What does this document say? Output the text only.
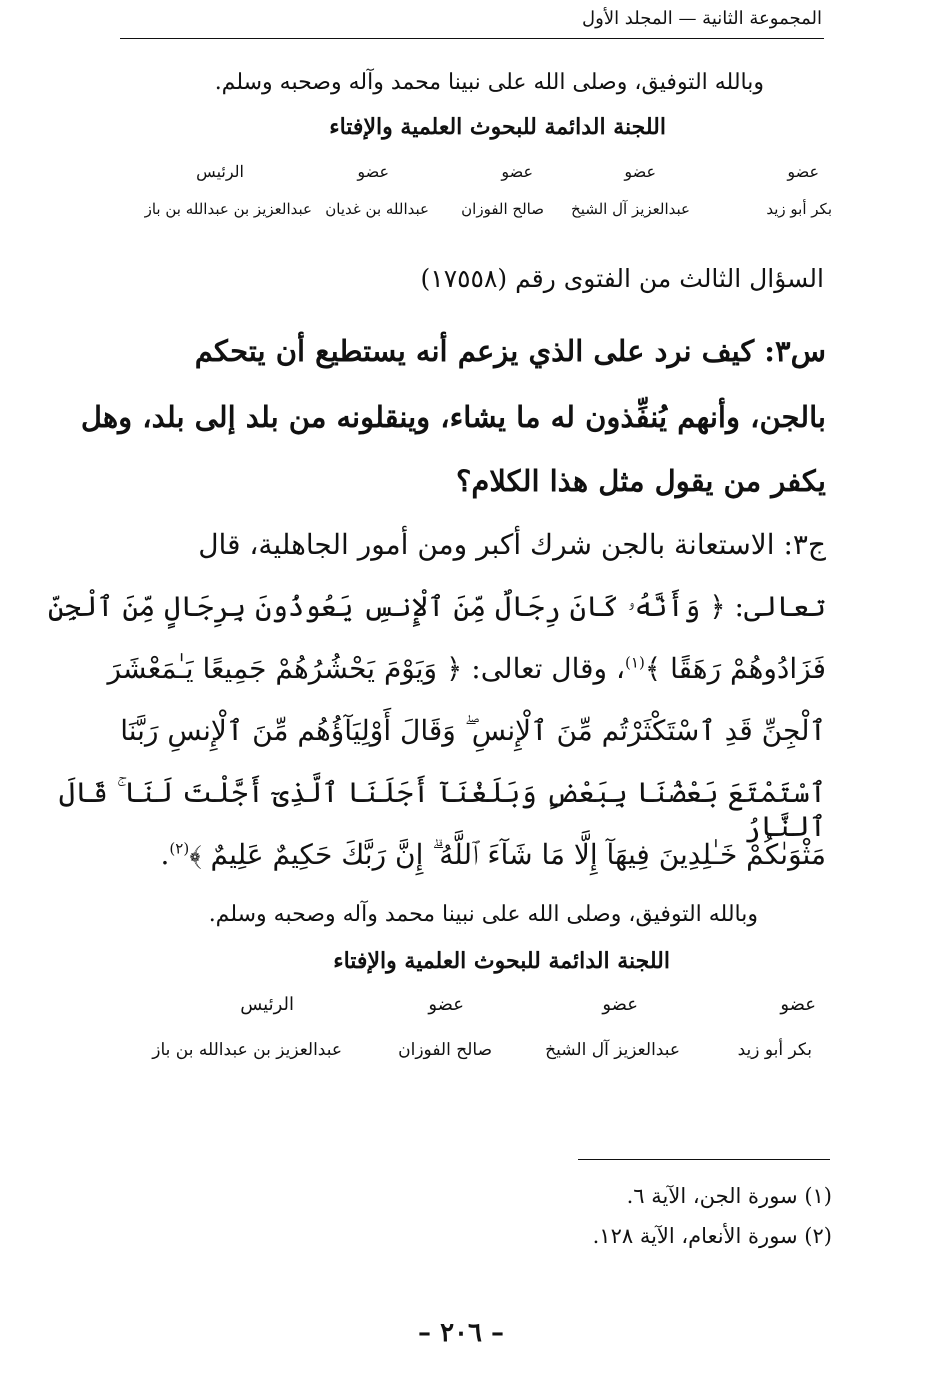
المجموعة الثانية — المجلد الأول
وبالله التوفيق، وصلى الله على نبينا محمد وآله وصحبه وسلم.
اللجنة الدائمة للبحوث العلمية والإفتاء
عضو
عضو
عضو
عضو
الرئيس
بكر أبو زيد
عبدالعزيز آل الشيخ
صالح الفوزان
عبدالله بن غديان
عبدالعزيز بن عبدالله بن باز
السؤال الثالث من الفتوى رقم (١٧٥٥٨)
س٣: كيف نرد على الذي يزعم أنه يستطيع أن يتحكم
بالجن، وأنهم يُنفِّذون له ما يشاء، وينقلونه من بلد إلى بلد، وهل
يكفر من يقول مثل هذا الكلام؟
ج٣: الاستعانة بالجن شرك أكبر ومن أمور الجاهلية، قال
تعالى: ﴿ وَأَنَّهُۥ كَانَ رِجَالٌ مِّنَ ٱلْإِنسِ يَعُوذُونَ بِرِجَالٍ مِّنَ ٱلْجِنِّ
فَزَادُوهُمْ رَهَقًا ﴾$^{(١)}$، وقال تعالى: ﴿ وَيَوْمَ يَحْشُرُهُمْ جَمِيعًا يَـٰمَعْشَرَ
ٱلْجِنِّ قَدِ ٱسْتَكْثَرْتُم مِّنَ ٱلْإِنسِ ۖ وَقَالَ أَوْلِيَآؤُهُم مِّنَ ٱلْإِنسِ رَبَّنَا
ٱسْتَمْتَعَ بَعْضُنَا بِبَعْضٍ وَبَلَغْنَآ أَجَلَنَا ٱلَّذِىٓ أَجَّلْتَ لَنَا ۚ قَالَ ٱلنَّارُ
مَثْوَىٰكُمْ خَـٰلِدِينَ فِيهَآ إِلَّا مَا شَآءَ ٱللَّهُ ۗ إِنَّ رَبَّكَ حَكِيمٌ عَلِيمٌ ﴾$^{(٢)}$.
وبالله التوفيق، وصلى الله على نبينا محمد وآله وصحبه وسلم.
اللجنة الدائمة للبحوث العلمية والإفتاء
عضو
عضو
عضو
الرئيس
بكر أبو زيد
عبدالعزيز آل الشيخ
صالح الفوزان
عبدالعزيز بن عبدالله بن باز
(١) سورة الجن، الآية ٦.
(٢) سورة الأنعام، الآية ١٢٨.
– ٢٠٦ –
